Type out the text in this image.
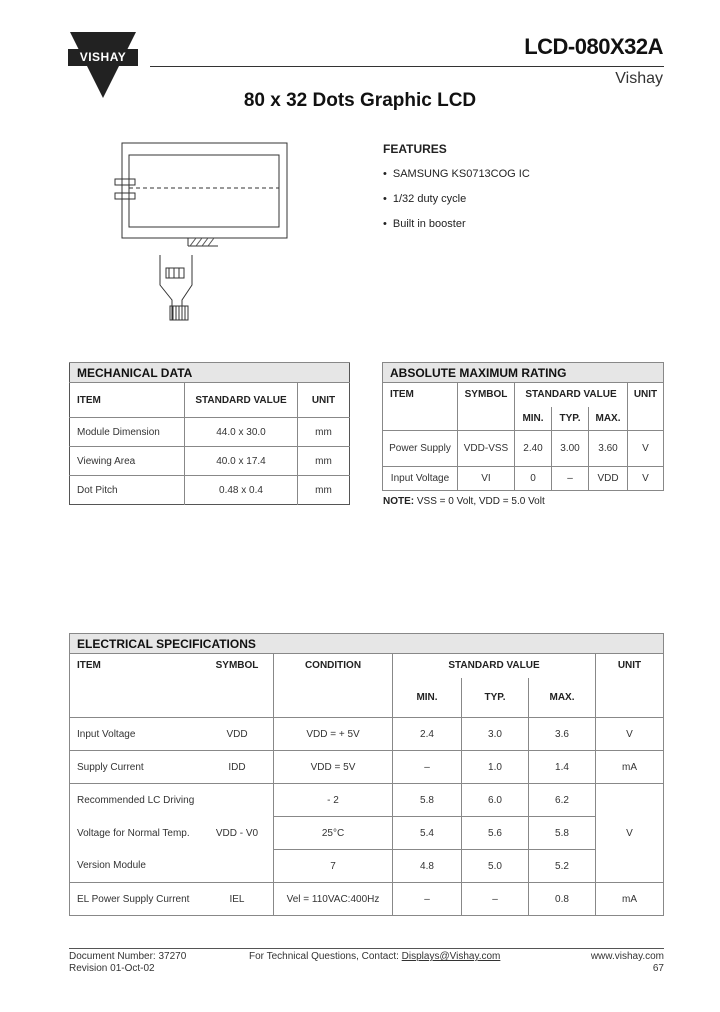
VISHAY	LCD-080X32A
Vishay
80 x 32 Dots Graphic LCD
FEATURES
• SAMSUNG KS0713COG IC
• 1/32 duty cycle
• Built in booster
MECHANICAL DATA		
ITEM	STANDARD VALUE	UNIT
Module Dimension	44.0 x 30.0	mm
Viewing Area	40.0 x 17.4	mm
Dot Pitch	0.48 x 0.4	mm
ABSOLUTE MAXIMUM RATING					
ITEM	SYMBOL	STANDARD VALUE			UNIT
		MIN.	TYP.	MAX.	
Power Supply	VDD-VSS	2.40	3.00	3.60	V
Input Voltage	VI	0	–	VDD	V
NOTE: VSS = 0 Volt, VDD = 5.0 Volt
ELECTRICAL SPECIFICATIONS						
ITEM	SYMBOL	CONDITION	STANDARD VALUE			UNIT
			MIN.	TYP.	MAX.	
Input Voltage	VDD	VDD = + 5V	2.4	3.0	3.6	V
Supply Current	IDD	VDD = 5V	–	1.0	1.4	mA
Recommended LC Driving		- 2	5.8	6.0	6.2	
Voltage for Normal Temp.	VDD - V0	25°C	5.4	5.6	5.8	V
Version Module		7	4.8	5.0	5.2	
EL Power Supply Current	IEL	Vel = 110VAC:400Hz	–	–	0.8	mA
Document Number: 37270
Revision 01-Oct-02
For Technical Questions, Contact: Displays@Vishay.com	www.vishay.com
67
